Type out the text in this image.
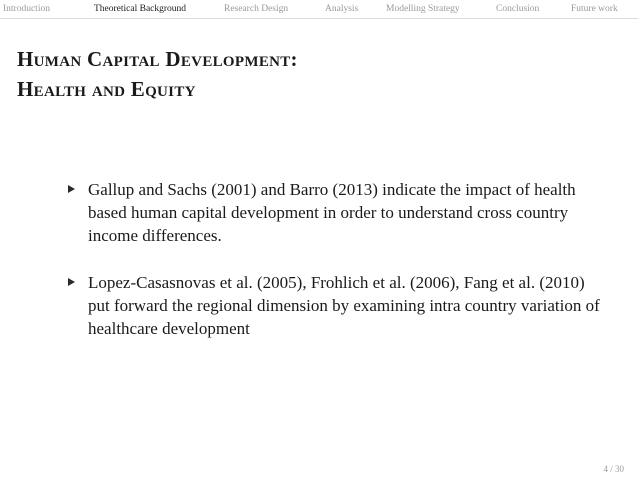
Introduction	Theoretical Background	Research Design	Analysis	Modelling Strategy	Conclusion	Future work
Human Capital Development:
Health and Equity
Gallup and Sachs (2001) and Barro (2013) indicate the impact of health based human capital development in order to understand cross country income differences.
Lopez-Casasnovas et al. (2005), Frohlich et al. (2006), Fang et al. (2010) put forward the regional dimension by examining intra country variation of healthcare development
4 / 30
